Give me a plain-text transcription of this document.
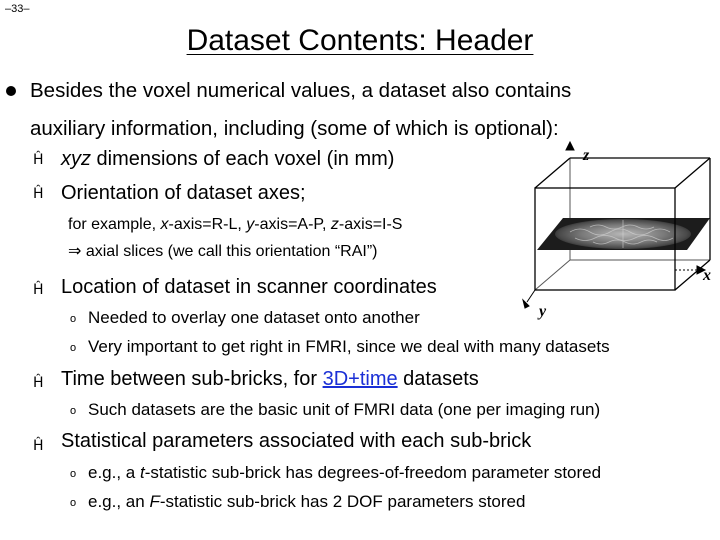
–33–
Dataset Contents: Header
Besides the voxel numerical values, a dataset also contains
auxiliary information, including (some of which is optional):
Ĥ xyz dimensions of each voxel (in mm)
Ĥ Orientation of dataset axes;
for example, x-axis=R-L, y-axis=A-P, z-axis=I-S
⇒ axial slices (we call this orientation “RAI”)
Ĥ Location of dataset in scanner coordinates
o Needed to overlay one dataset onto another
o Very important to get right in FMRI, since we deal with many datasets
Ĥ Time between sub-bricks, for 3D+time datasets
o Such datasets are the basic unit of FMRI data (one per imaging run)
Ĥ Statistical parameters associated with each sub-brick
o e.g., a t-statistic sub-brick has degrees-of-freedom parameter stored
o e.g., an F-statistic sub-brick has 2 DOF parameters stored
z
x
y
